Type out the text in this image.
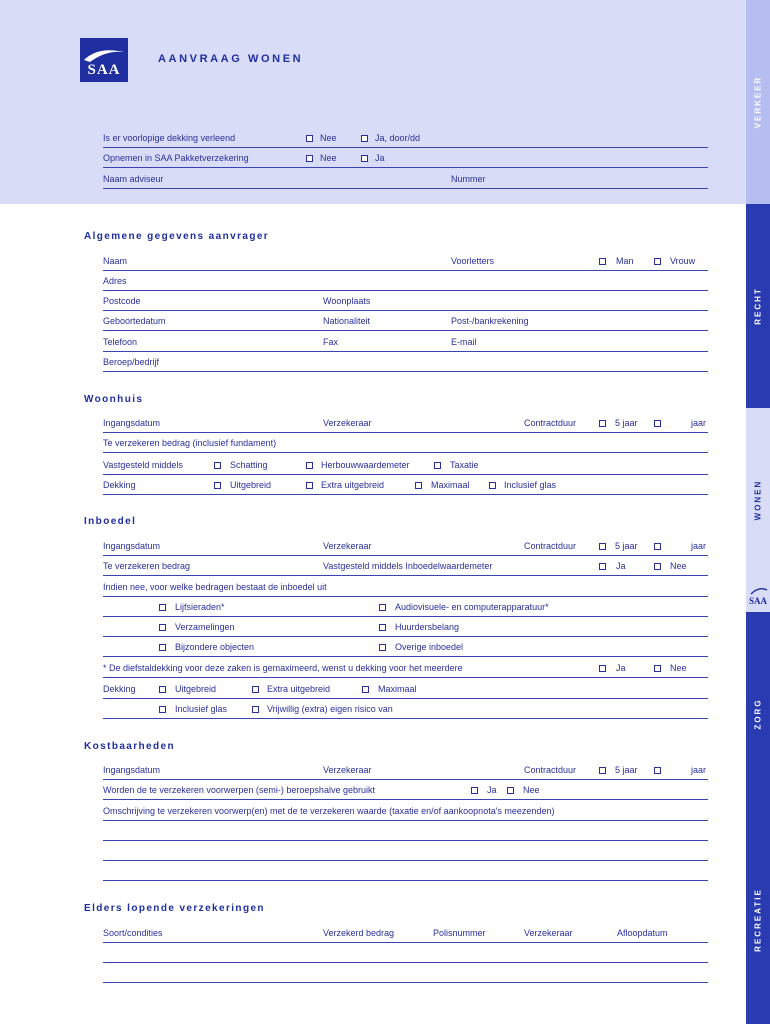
SAA
AANVRAAG WONEN
VERKEER
RECHT
WONEN
SAA
ZORG
RECREATIE
Is er voorlopige dekking verleend	Nee	Ja, door/dd
Opnemen in SAA Pakketverzekering	Nee	Ja
Naam adviseur	Nummer
Algemene gegevens aanvrager
Naam	Voorletters	Man	Vrouw
Adres
Postcode	Woonplaats
Geboortedatum	Nationaliteit	Post-/bankrekening
Telefoon	Fax	E-mail
Beroep/bedrijf
Woonhuis
Ingangsdatum	Verzekeraar	Contractduur	5 jaar	jaar
Te verzekeren bedrag (inclusief fundament)
Vastgesteld middels	Schatting	Herbouwwaardemeter	Taxatie
Dekking	Uitgebreid	Extra uitgebreid	Maximaal	Inclusief glas
Inboedel
Ingangsdatum	Verzekeraar	Contractduur	5 jaar	jaar
Te verzekeren bedrag	Vastgesteld middels Inboedelwaardemeter	Ja	Nee
Indien nee, voor welke bedragen bestaat de inboedel uit
Lijfsieraden*	Audiovisuele- en computerapparatuur*
Verzamelingen	Huurdersbelang
Bijzondere objecten	Overige inboedel
* De diefstaldekking voor deze zaken is gemaximeerd, wenst u dekking voor het meerdere	Ja	Nee
Dekking	Uitgebreid	Extra uitgebreid	Maximaal
Inclusief glas	Vrijwillig (extra) eigen risico van
Kostbaarheden
Ingangsdatum	Verzekeraar	Contractduur	5 jaar	jaar
Worden de te verzekeren voorwerpen (semi-) beroepshalve gebruikt	Ja	Nee
Omschrijving te verzekeren voorwerp(en) met de te verzekeren waarde (taxatie en/of aankoopnota's meezenden)
Elders lopende verzekeringen
Soort/condities	Verzekerd bedrag	Polisnummer	Verzekeraar	Afloopdatum
